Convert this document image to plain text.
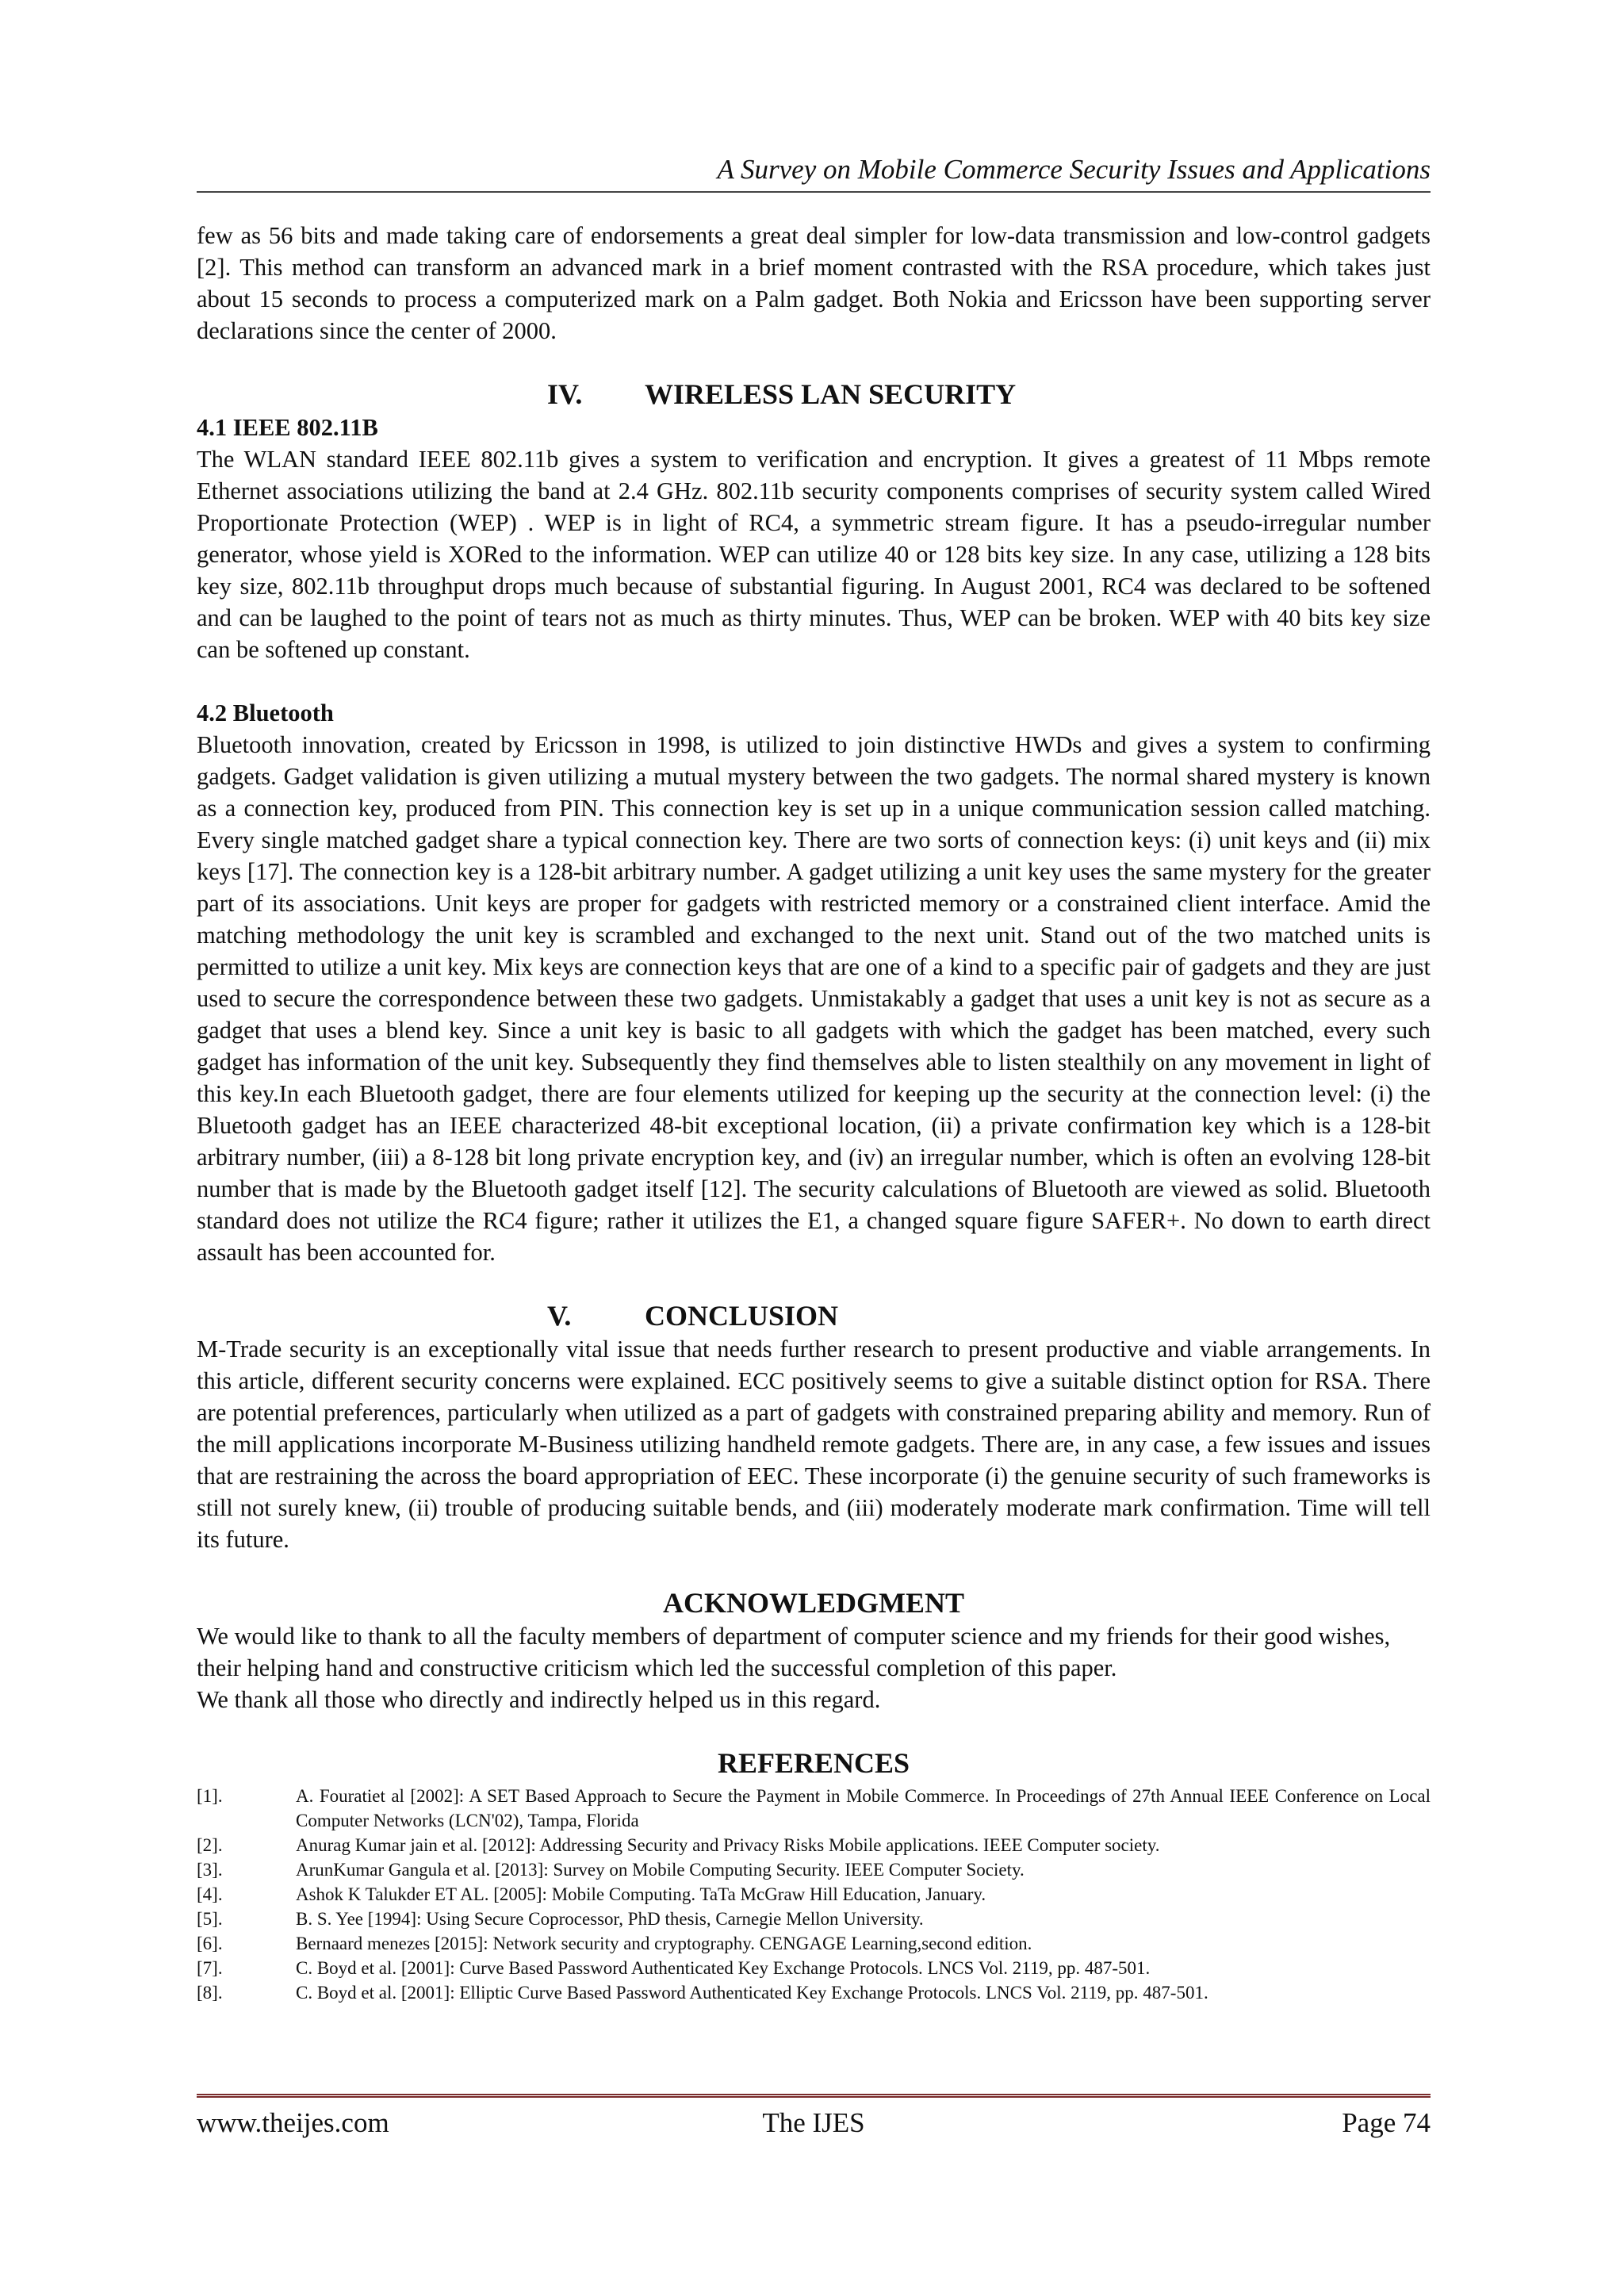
A Survey on Mobile Commerce Security Issues and Applications

few as 56 bits and made taking care of endorsements a great deal simpler for low-data transmission and low-control gadgets [2]. This method can transform an advanced mark in a brief moment contrasted with the RSA procedure, which takes just about 15 seconds to process a computerized mark on a Palm gadget. Both Nokia and Ericsson have been supporting server declarations since the center of 2000.

IV. WIRELESS LAN SECURITY
4.1 IEEE 802.11B

The WLAN standard IEEE 802.11b gives a system to verification and encryption. It gives a greatest of 11 Mbps remote Ethernet associations utilizing the band at 2.4 GHz. 802.11b security components comprises of security system called Wired Proportionate Protection (WEP) . WEP is in light of RC4, a symmetric stream figure. It has a pseudo-irregular number generator, whose yield is XORed to the information. WEP can utilize 40 or 128 bits key size. In any case, utilizing a 128 bits key size, 802.11b throughput drops much because of substantial figuring. In August 2001, RC4 was declared to be softened and can be laughed to the point of tears not as much as thirty minutes. Thus, WEP can be broken. WEP with 40 bits key size can be softened up constant.

4.2 Bluetooth

Bluetooth innovation, created by Ericsson in 1998, is utilized to join distinctive HWDs and gives a system to confirming gadgets. Gadget validation is given utilizing a mutual mystery between the two gadgets. The normal shared mystery is known as a connection key, produced from PIN. This connection key is set up in a unique communication session called matching. Every single matched gadget share a typical connection key. There are two sorts of connection keys: (i) unit keys and (ii) mix keys [17]. The connection key is a 128-bit arbitrary number. A gadget utilizing a unit key uses the same mystery for the greater part of its associations. Unit keys are proper for gadgets with restricted memory or a constrained client interface. Amid the matching methodology the unit key is scrambled and exchanged to the next unit. Stand out of the two matched units is permitted to utilize a unit key. Mix keys are connection keys that are one of a kind to a specific pair of gadgets and they are just used to secure the correspondence between these two gadgets. Unmistakably a gadget that uses a unit key is not as secure as a gadget that uses a blend key. Since a unit key is basic to all gadgets with which the gadget has been matched, every such gadget has information of the unit key. Subsequently they find themselves able to listen stealthily on any movement in light of this key.In each Bluetooth gadget, there are four elements utilized for keeping up the security at the connection level: (i) the Bluetooth gadget has an IEEE characterized 48-bit exceptional location, (ii) a private confirmation key which is a 128-bit arbitrary number, (iii) a 8-128 bit long private encryption key, and (iv) an irregular number, which is often an evolving 128-bit number that is made by the Bluetooth gadget itself [12]. The security calculations of Bluetooth are viewed as solid. Bluetooth standard does not utilize the RC4 figure; rather it utilizes the E1, a changed square figure SAFER+. No down to earth direct assault has been accounted for.

V.	CONCLUSION

M-Trade security is an exceptionally vital issue that needs further research to present productive and viable arrangements. In this article, different security concerns were explained. ECC positively seems to give a suitable distinct option for RSA. There are potential preferences, particularly when utilized as a part of gadgets with constrained preparing ability and memory. Run of the mill applications incorporate M-Business utilizing handheld remote gadgets. There are, in any case, a few issues and issues that are restraining the across the board appropriation of EEC. These incorporate (i) the genuine security of such frameworks is still not surely knew, (ii) trouble of producing suitable bends, and (iii) moderately moderate mark confirmation. Time will tell its future.

ACKNOWLEDGMENT

We would like to thank to all the faculty members of department of computer science and my friends for their good wishes, their helping hand and constructive criticism which led the successful completion of this paper.

We thank all those who directly and indirectly helped us in this regard.

REFERENCES
[1].	A. Fouratiet al [2002]: A SET Based Approach to Secure the Payment in Mobile Commerce. In Proceedings of 27th Annual IEEE Conference on Local Computer Networks (LCN'02), Tampa, Florida
[2].	Anurag Kumar jain et al. [2012]: Addressing Security and Privacy Risks Mobile applications. IEEE Computer society.
[3].	ArunKumar Gangula et al. [2013]: Survey on Mobile Computing Security. IEEE Computer Society.
[4].	Ashok K Talukder ET AL. [2005]: Mobile Computing. TaTa McGraw Hill Education, January.
[5].	B. S. Yee [1994]: Using Secure Coprocessor, PhD thesis, Carnegie Mellon University.
[6].	Bernaard menezes [2015]: Network security and cryptography. CENGAGE Learning,second edition.
[7].	C. Boyd et al. [2001]: Curve Based Password Authenticated Key Exchange Protocols. LNCS Vol. 2119, pp. 487-501.
[8].	C. Boyd et al. [2001]: Elliptic Curve Based Password Authenticated Key Exchange Protocols. LNCS Vol. 2119, pp. 487-501.
www.theijes.com	The IJES	Page 74
